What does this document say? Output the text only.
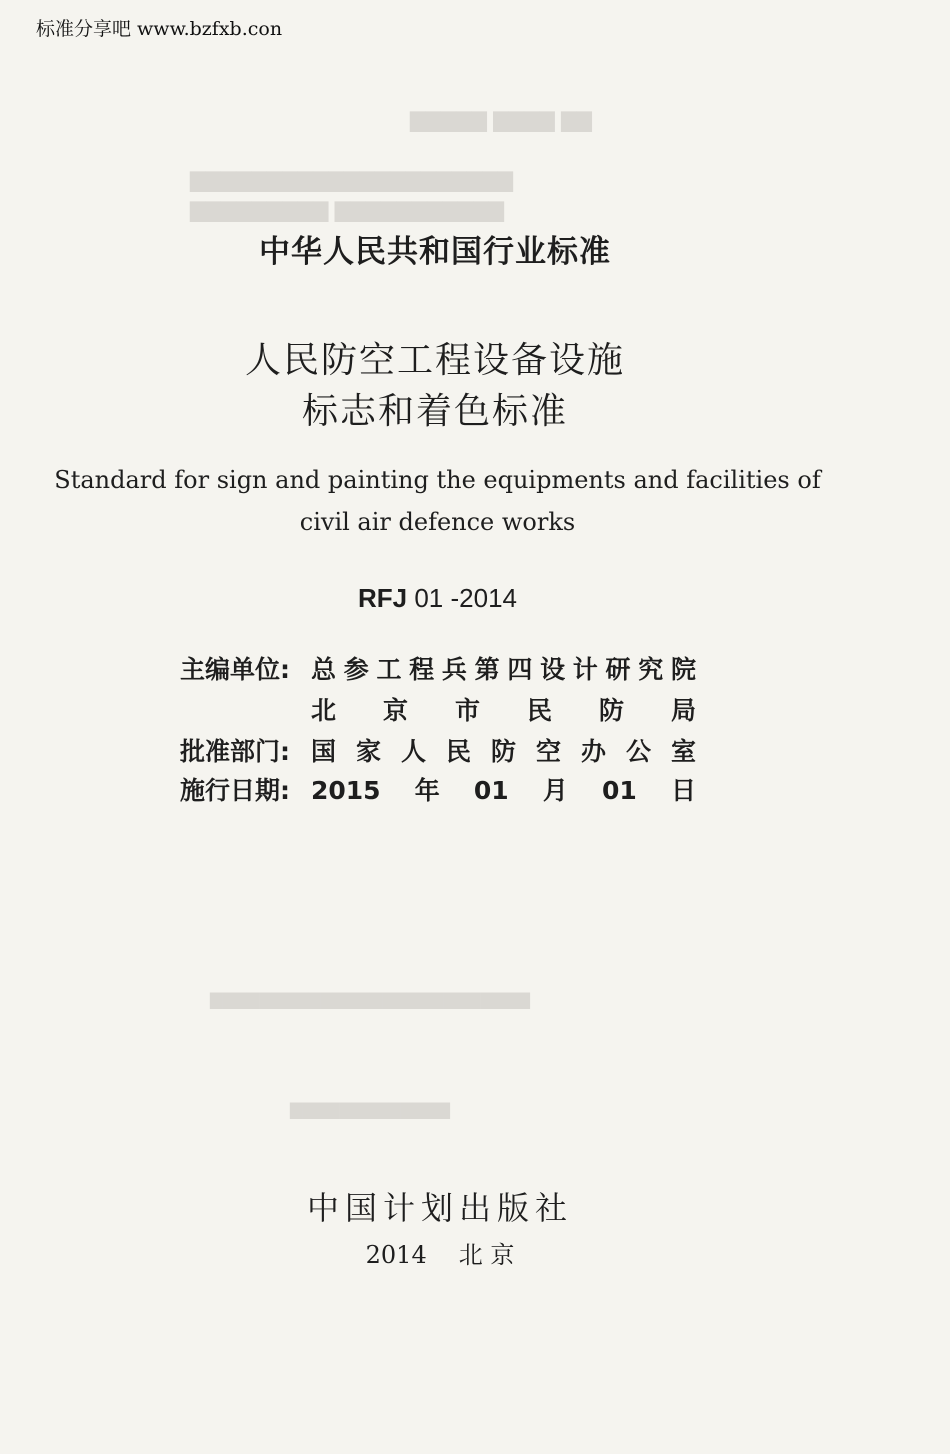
标准分享吧 www.bzfxb.con
▇▇▇▇▇ ▇▇▇▇ ▇▇
▇▇▇▇▇▇▇▇▇▇▇▇▇▇▇▇▇▇▇▇▇
▇▇▇▇▇▇▇▇▇ ▇▇▇▇▇▇▇▇▇▇▇
▇▇▇▇▇▇▇▇▇▇▇▇▇▇▇▇▇▇▇▇▇▇▇▇▇▇
▇▇▇▇▇▇▇▇▇▇▇▇▇
中华人民共和国行业标准
人民防空工程设备设施
标志和着色标准
Standard for sign and painting the equipments and facilities of
civil air defence works
RFJ 01 -2014
主编单位: 总参工程兵第四设计研究院
北京市民防局
批准部门: 国家人民防空办公室
施行日期: 2015年01月01日
中国计划出版社
2014 北 京
